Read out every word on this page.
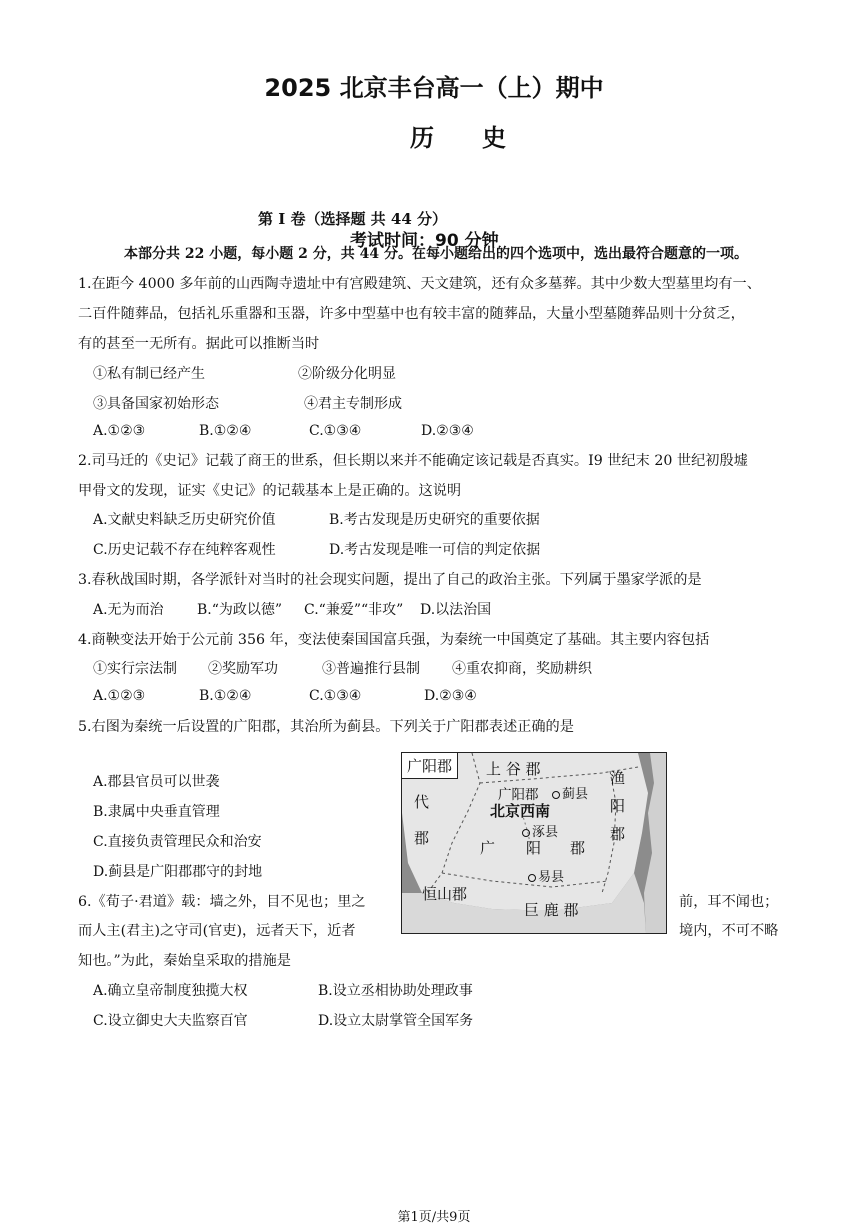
2025 北京丰台高一（上）期中
历史
第 I 卷（选择题 共 44 分）
考试时间：90 分钟
本部分共 22 小题，每小题 2 分，共 44 分。在每小题给出的四个选项中，选出最符合题意的一项。
1.在距今 4000 多年前的山西陶寺遗址中有宫殿建筑、天文建筑，还有众多墓葬。其中少数大型墓里均有一、
二百件随葬品，包括礼乐重器和玉器，许多中型墓中也有较丰富的随葬品，大量小型墓随葬品则十分贫乏，
有的甚至一无所有。据此可以推断当时
①私有制已经产生	②阶级分化明显
③具备国家初始形态	④君主专制形成
A.①②③	B.①②④	C.①③④	D.②③④
2.司马迁的《史记》记载了商王的世系，但长期以来并不能确定该记载是否真实。I9 世纪末 20 世纪初殷墟
甲骨文的发现，证实《史记》的记载基本上是正确的。这说明
A.文献史料缺乏历史研究价值	B.考古发现是历史研究的重要依据
C.历史记载不存在纯粹客观性	D.考古发现是唯一可信的判定依据
3.春秋战国时期，各学派针对当时的社会现实问题，提出了自己的政治主张。下列属于墨家学派的是
A.无为而治 B.“为政以德” C.“兼爱”“非攻” D.以法治国
4.商鞅变法开始于公元前 356 年，变法使秦国国富兵强，为秦统一中国奠定了基础。其主要内容包括
①实行宗法制 ②奖励军功	③普遍推行县制 ④重农抑商，奖励耕织
A.①②③	B.①②④	C.①③④	D.②③④
5.右图为秦统一后设置的广阳郡，其治所为蓟县。下列关于广阳郡表述正确的是
A.郡县官员可以世袭
B.隶属中央垂直管理
C.直接负责管理民众和治安
D.蓟县是广阳郡郡守的封地
广阳郡	上 谷 郡	渔
阳
郡
代
郡
广阳郡	蓟县
北京西南
涿县
广 阳 郡
易县
恒山郡
巨 鹿 郡
6.《荀子·君道》载：墙之外，目不见也；里之	前，耳不闻也；
而人主(君主)之守司(官吏)，远者天下，近者	境内，不可不略
知也。”为此，秦始皇采取的措施是
A.确立皇帝制度独揽大权	B.设立丞相协助处理政事
C.设立御史大夫监察百官	D.设立太尉掌管全国军务
第1页/共9页
